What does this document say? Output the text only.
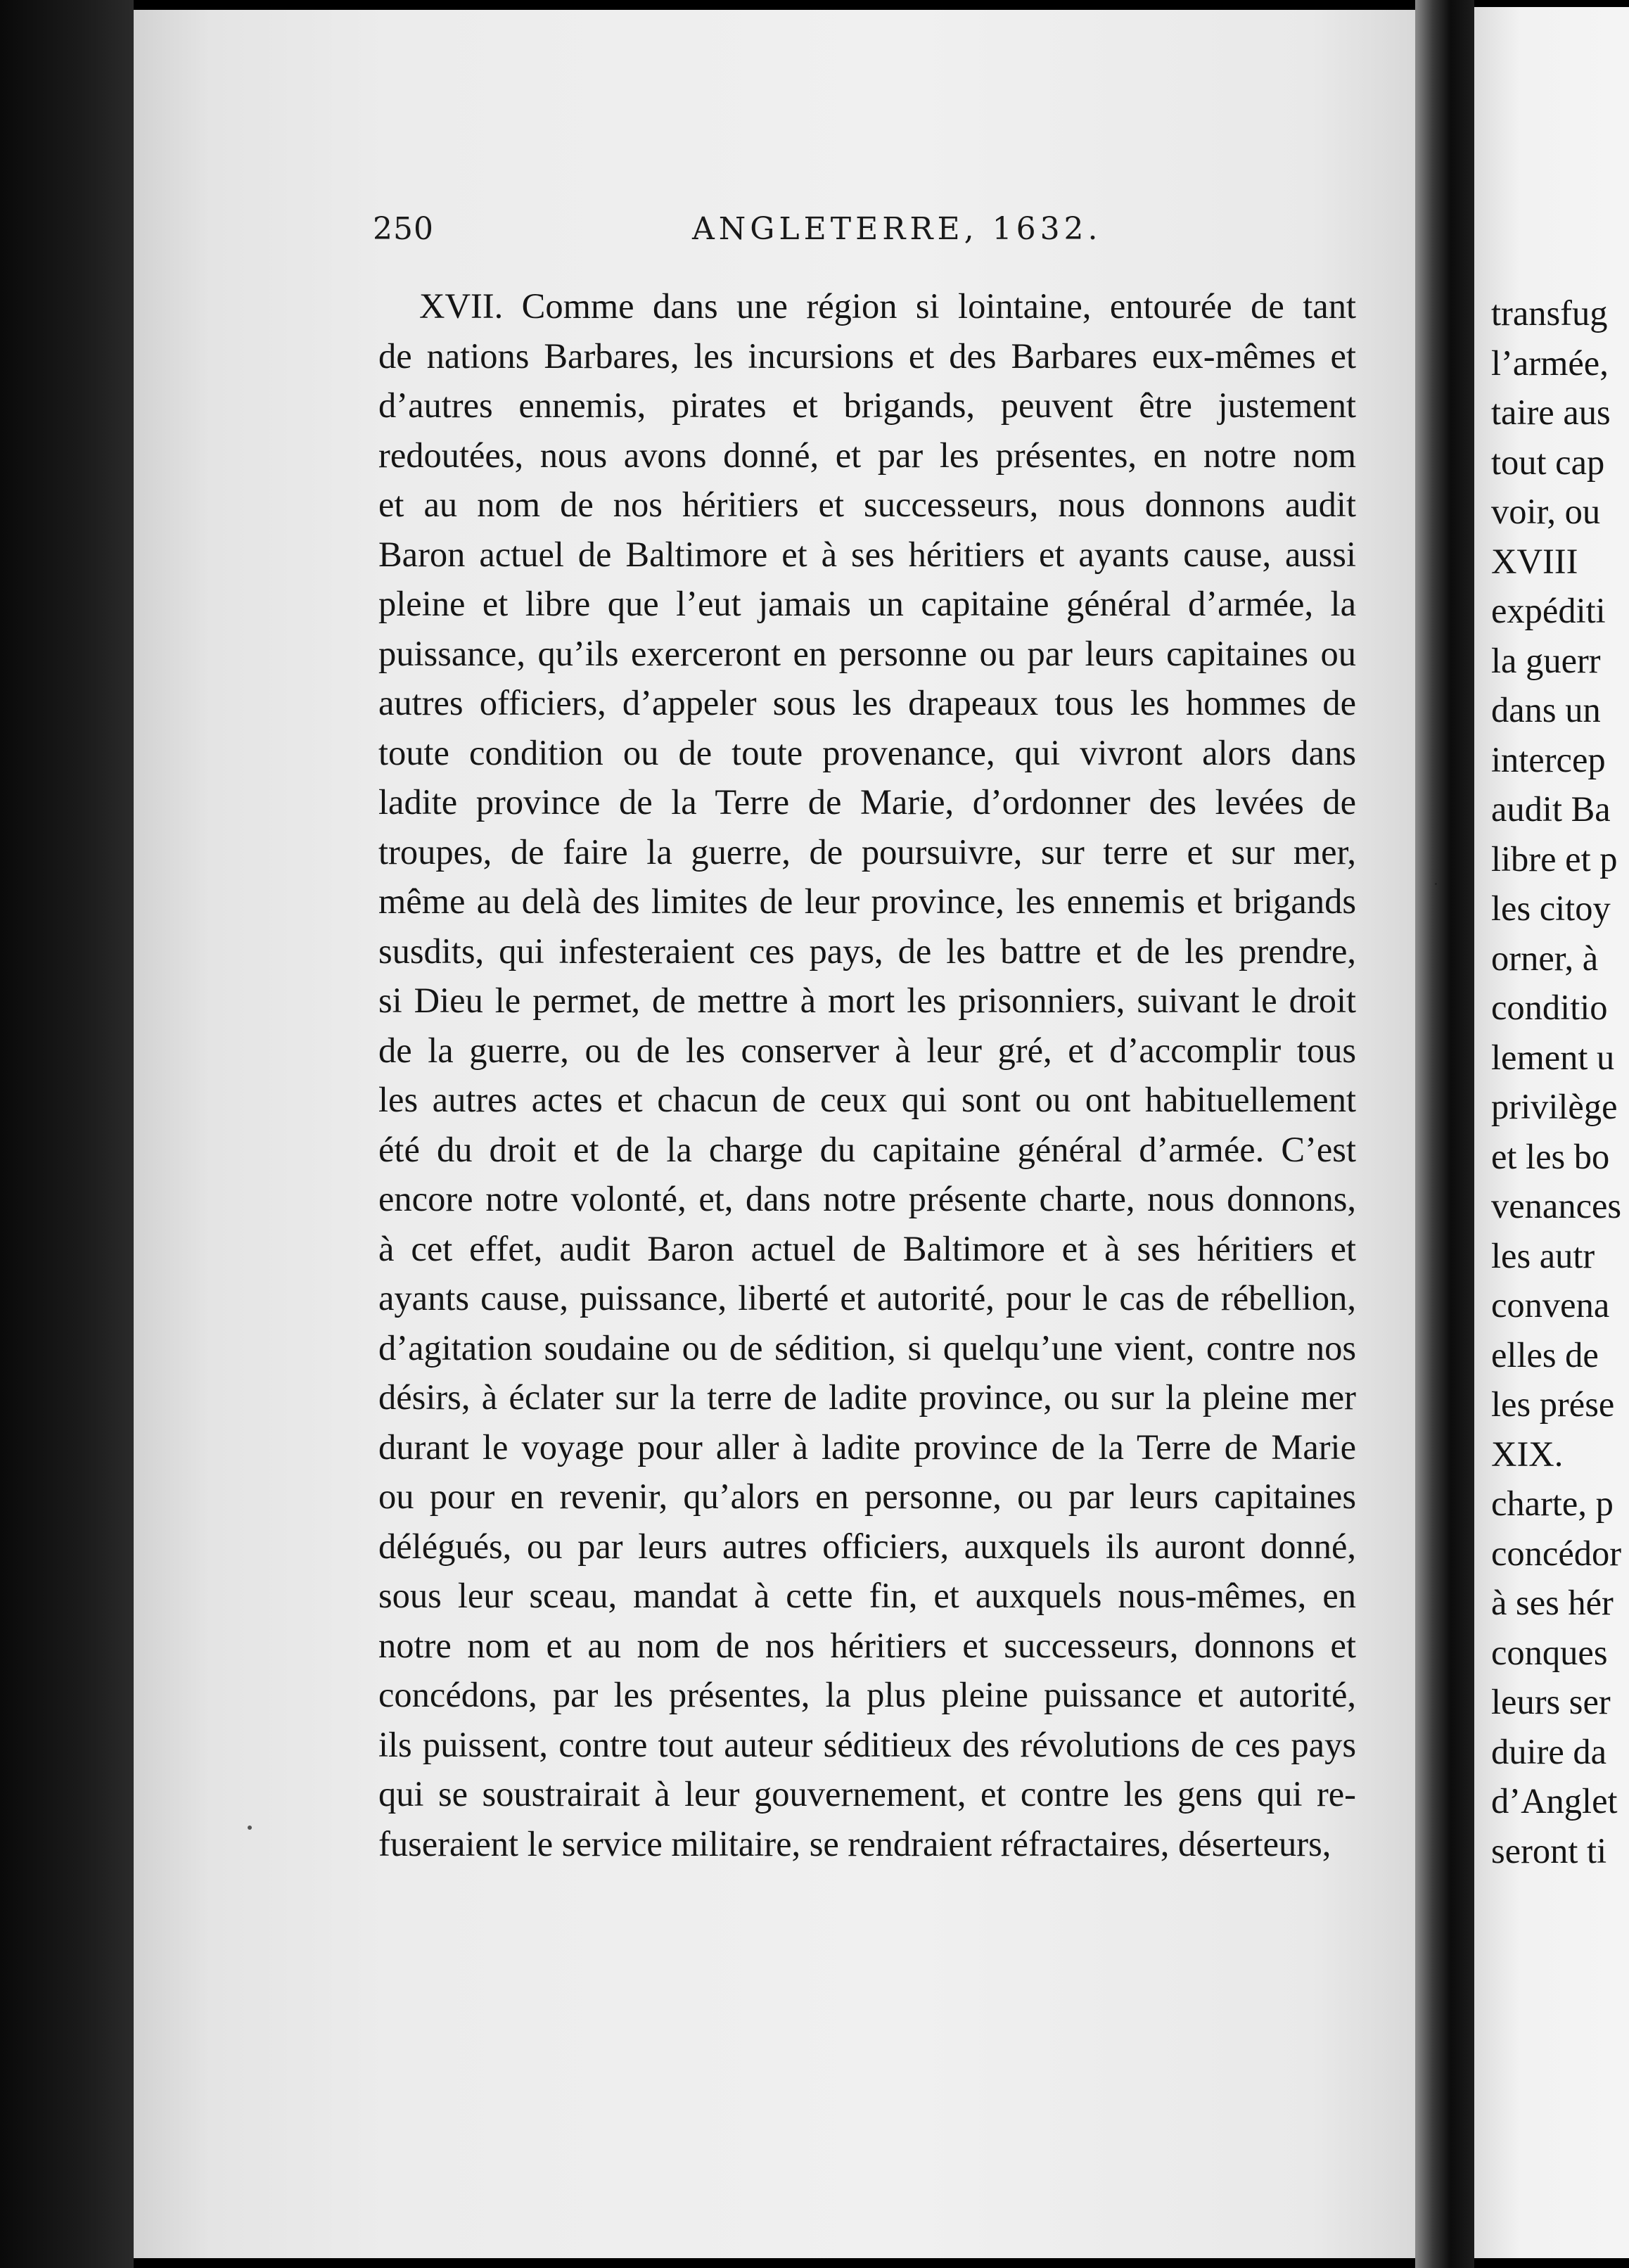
250	ANGLETERRE, 1632.
XVII. Comme dans une région si lointaine, entourée de tant
de nations Barbares, les incursions et des Barbares eux-mêmes et
d’autres ennemis, pirates et brigands, peuvent être justement
redoutées, nous avons donné, et par les présentes, en notre nom
et au nom de nos héritiers et successeurs, nous donnons audit
Baron actuel de Baltimore et à ses héritiers et ayants cause, aussi
pleine et libre que l’eut jamais un capitaine général d’armée, la
puissance, qu’ils exerceront en personne ou par leurs capitaines ou
autres officiers, d’appeler sous les drapeaux tous les hommes de
toute condition ou de toute provenance, qui vivront alors dans
ladite province de la Terre de Marie, d’ordonner des levées de
troupes, de faire la guerre, de poursuivre, sur terre et sur mer,
même au delà des limites de leur province, les ennemis et brigands
susdits, qui infesteraient ces pays, de les battre et de les prendre,
si Dieu le permet, de mettre à mort les prisonniers, suivant le droit
de la guerre, ou de les conserver à leur gré, et d’accomplir tous
les autres actes et chacun de ceux qui sont ou ont habituellement
été du droit et de la charge du capitaine général d’armée. C’est
encore notre volonté, et, dans notre présente charte, nous donnons,
à cet effet, audit Baron actuel de Baltimore et à ses héritiers et
ayants cause, puissance, liberté et autorité, pour le cas de rébellion,
d’agitation soudaine ou de sédition, si quelqu’une vient, contre nos
désirs, à éclater sur la terre de ladite province, ou sur la pleine mer
durant le voyage pour aller à ladite province de la Terre de Marie
ou pour en revenir, qu’alors en personne, ou par leurs capitaines
délégués, ou par leurs autres officiers, auxquels ils auront donné,
sous leur sceau, mandat à cette fin, et auxquels nous-mêmes, en
notre nom et au nom de nos héritiers et successeurs, donnons et
concédons, par les présentes, la plus pleine puissance et autorité,
ils puissent, contre tout auteur séditieux des révolutions de ces pays
qui se soustrairait à leur gouvernement, et contre les gens qui re-
fuseraient le service militaire, se rendraient réfractaires, déserteurs,
transfug
l’armée,
taire aus
tout cap
voir, ou
XVIII
expéditi
la guerr
dans un
intercep
audit Ba
libre et p
les citoy
orner, à
conditio
lement u
privilège
et les bo
venances
les autr
convena
elles de
les prése
XIX.
charte, p
concédor
à ses hér
conques
leurs ser
duire da
d’Anglet
seront ti
